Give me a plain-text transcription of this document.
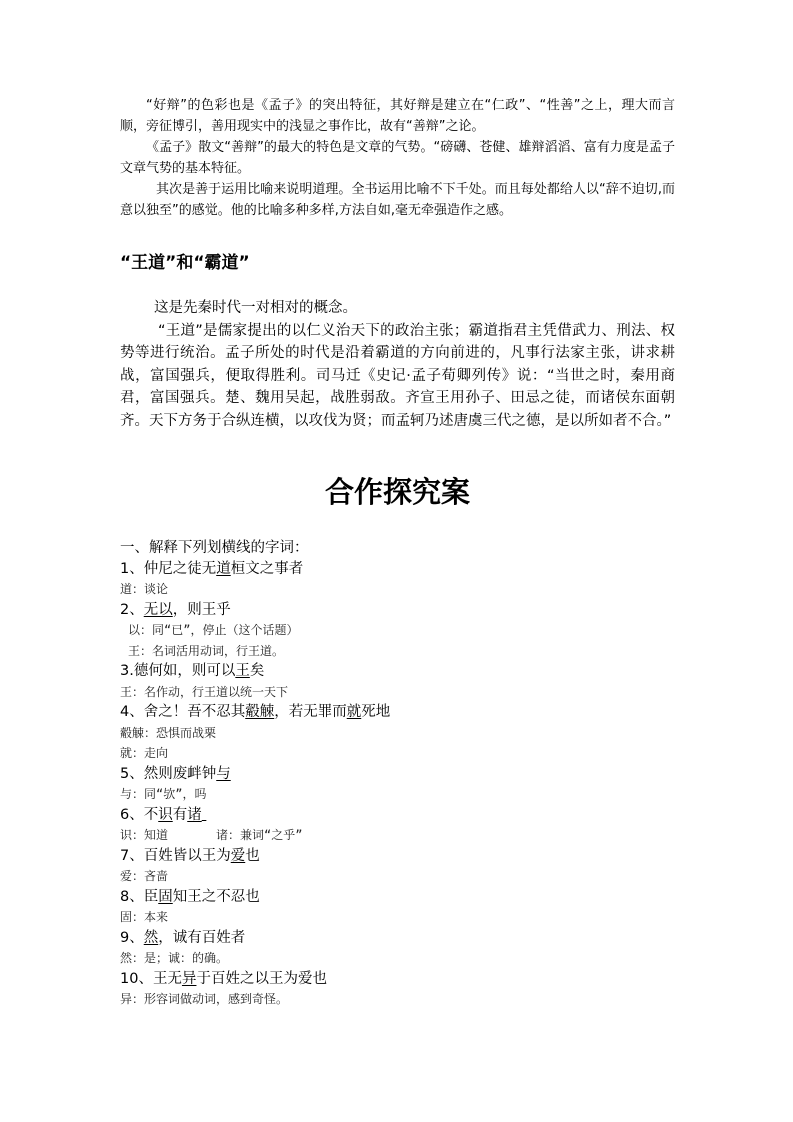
“好辩”的色彩也是《孟子》的突出特征，其好辩是建立在“仁政”、“性善”之上，理大而言顺，旁征博引，善用现实中的浅显之事作比，故有“善辩”之论。

《孟子》散文“善辩”的最大的特色是文章的气势。“磅礴、苍健、雄辩滔滔、富有力度是孟子文章气势的基本特征。

其次是善于运用比喻来说明道理。全书运用比喻不下千处。而且每处都给人以“辞不迫切,而意以独至”的感觉。他的比喻多种多样,方法自如,毫无牵强造作之感。

“王道”和“霸道”

这是先秦时代一对相对的概念。

“王道”是儒家提出的以仁义治天下的政治主张；霸道指君主凭借武力、刑法、权势等进行统治。孟子所处的时代是沿着霸道的方向前进的，凡事行法家主张，讲求耕战，富国强兵，便取得胜利。司马迁《史记·孟子荀卿列传》说：“当世之时，秦用商君，富国强兵。楚、魏用吴起，战胜弱敌。齐宣王用孙子、田忌之徒，而诸侯东面朝齐。天下方务于合纵连横，以攻伐为贤；而孟轲乃述唐虞三代之德，是以所如者不合。”

合作探究案

一、解释下列划横线的字词：

1、仲尼之徒无道桓文之事者

道：谈论

2、无以，则王乎

以：同“已”，停止（这个话题）

王：名词活用动词，行王道。

3.德何如，则可以王矣

王：名作动，行王道以统一天下

4、舍之！吾不忍其觳觫，若无罪而就死地

觳觫：恐惧而战栗

就：走向

5、然则废衅钟与

与：同“欤”，吗

6、不识有诸

识：知道	诸：兼词“之乎”

7、百姓皆以王为爱也

爱：吝啬

8、臣固知王之不忍也

固：本来

9、然，诚有百姓者

然：是；诚：的确。

10、王无异于百姓之以王为爱也

异：形容词做动词，感到奇怪。
